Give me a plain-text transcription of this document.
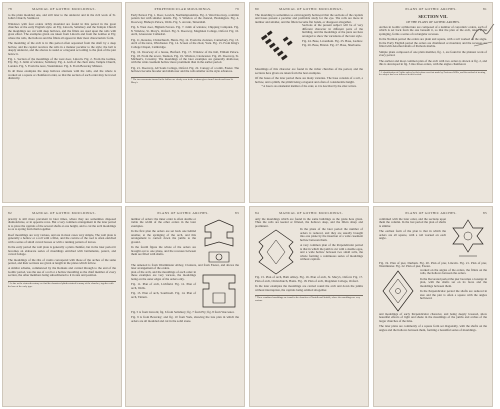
78	MANUAL OF GOTHIC MOULDINGS.

to the plain moulded one, and still later to the undercut and in the rich work of St. John's Church, Stamford.

Windows with four orders richly moulded are found in this period in the great churches of the early English style. At Ely, Lincoln, Salisbury and the Temple Church the mouldings are cut with deep hollows, and the fillets are used upon the rolls with great effect. The examples given are taken from Lincoln and from the Galilee at Ely, where the rolls, the hollows and the fillets all appear in their most characteristic form.

The moulding of the arch is in this period often separated from the shaft by a deep hollow, and the capital receives the rolls in a manner peculiar to the style; the bell is deeply undercut, and the abacus is round or octagonal according to the plan of the pier below it.

Fig. 1. Section of the mouldings of the west door, Lincoln. Fig. 2. From the Galilee, Ely. Fig. 3. Jamb of window, Salisbury. Fig. 4. Arch of the choir aisle, Temple Church, London. Fig. 5. From the nave, Westminster. Fig. 6. From Beverley Minster.

In all these examples the deep hollows alternate with the rolls, and the whole is worked on a square or chamfered order, so that the section of each order may be traced distinctly.

PERPENDICULAR MOULDINGS.	79

Early Period. Fig. 1. Door, Lowick, Northamptonshire. Fig. 2. West Doorway, a similar pattern but with smaller details. Fig. 3. Window of the chancel, Heckington. Fig. 4. Doorway, Bishop's Palace, Wells. Fig. 5. Arcade, Tattershall.

Fig. 6. West door, Higham Ferrers. Fig. 7. Jamb of window, Chipping Campden. Fig. 8. Window, St. Mary's, Oxford. Fig. 9. Doorway, Magdalen College, Oxford. Fig. 10. Arch, Gloucester Cathedral.

Fig. 11. Reredos, Christchurch, Hants. Fig. 12. From the cloisters, Canterbury. Fig. 13. Arch of the nave, Winchester. Fig. 14. Screen of the choir, York. Fig. 15. From King's College Chapel, Cambridge.

Fig. 16. Doorway of a house, Burford. Fig. 17. Window of the hall, Eltham Palace. Fig. 18. From the tower, Taunton. Fig. 19. Window, Cirencester. Fig. 20. Doorway, St. Michael's, Coventry. The mouldings of the later examples are generally shallower, with the wide casement hollow more prominent than in the earlier period.

Fig. 21. Doorway, All Souls College, Oxford. Fig. 22. Canopy of a tomb, Exeter. The hollows become broader and shallower and the rolls smaller as the style advances.

* The two casements formed in the hollow are clearly seen in the sections given from Lincoln and from St. Mary's.
80	MANUAL OF GOTHIC MOULDINGS.

The moulding is sometimes so extravagantly hollowed that the sections of the capitals and bases present a peculiar and profitable study for the eye. The rolls are more in number and smaller, and the fillets become flat bands, or disappear altogether.

Sections of the present subject will be of very different character in different parts of the building, and the mouldings of the piers are here arranged to show the variations of the later style.

Fig. 24. Base, Lavenham. Fig. 25. Base, Ludlow. Fig. 26. Base, Bristol. Fig. 27. Base, Sherborne.

Mouldings of this character are found in the richer churches of the period, and the sections here given are taken from the best examples.

Of the bases of the later period there are many varieties. The base consists of a roll, a hollow, and a plinth, the plinth being octagonal and often of considerable height.

* A base is an ornamental member of the order, as it is described by the older writers.
PLANS OF GOTHIC ARCHES.	81
SECTION VII.
OF THE PLANS OF GOTHIC ARCHES.

Arches in Gothic architecture are composed of a number of concentric orders, each of which is set back from the one beneath it, so that the plan of the arch, taken at the springing, forms a series of rectangular recesses.

In the Norman period the orders are plain and square, with a roll worked on the angle. In the Early English period the orders are chamfered or moulded, and the recesses are filled with detached shafts of Purbeck marble.

Simple plans composed of one plain member, fig. 1, are found in the plainest work of every period.

The earliest and most common plan of the arch with two orders is shown at fig. 2, and this is developed in fig. 3 into three orders, with the angles chamfered.

* A classification of Gothic arches by their plans was first made by Professor Willis, and his method of treating the subject has been followed in this section.
82	MANUAL OF GOTHIC MOULDINGS.

priority is still more prevalent in later times, where they are sometimes disposed diamondwise, or in opposite rows. But a very common arrangement in the later period is to place the capitals of the several shafts at one height, and to cut the arch mouldings so as to spring from them together.

Roof mouldings are very various, and are in most cases very simple. The wall plate is generally a hollow or a roll with a fillet, and the cornice of the roof is often enriched with a series of small carved bosses or with a running pattern of leaves.

In the early period the wall plate is generally a plain chamfer, but in the later period it becomes an elaborate series of mouldings enriched with battlements, pateræ, and carved foliage.

The mouldings of the ribs of vaults correspond with those of the arches of the same period, and their sections are given at length in the plates which follow.

A similar scheme, commenced by the Romans and carried through to the end of the Gothic period, was the use of a roll or a hollow moulding as the chief member of every section, the other members being subordinated to it in size and position.

* As late as the sixteenth century we find the chamfered plinth retained in many of the churches, together with the base of the early type.
PLANS OF GOTHIC ARCHES.	83

number of orders: the inner order is often double or treble the width of the other orders in the later examples.

In the first plan the orders are set back one behind another, at the springing of the arch, and this arrangement is carried down the jambs to the ground.

In the fourth figure the whole of the orders are brought out to one plane, and the recesses between them are filled with shafts.

The annexed is from Westminster Abbey, Cloisters, and from Exeter, and shows the later arrangement of the orders.

plan of the arch, and the mouldings of each order in these examples are very various, the mouldings being on the outer edges of the orders only.

Fig. 11. Plan of arch, Lichfield. Fig. 12. Plan of arch, Wells.

Fig. 13. Plan of arch, Southwell. Fig. 14. Plan of arch, Tintern.

Fig. 5 is from Lincoln; fig. 6 from Salisbury; fig. 7 from Ely; fig. 8 from Worcester.

Fig. 9 is from Beverley; and fig. 10 from York, showing the late plan in which the orders are all moulded and cut in the solid stone.

84	MANUAL OF GOTHIC MOULDINGS.

only the mouldings which are found in the same buildings as the plans here given. Thus the rolls are keeled or filleted, the hollows deep, and the fillets sharp and prominent.

In the plans of the later period the number of orders is reduced, and they are usually brought into one plane by the insertion of a wide casement hollow between them.

A very common plan of the Perpendicular period is that in which the jamb is cut with a double ogee, and a wide hollow between two small rolls, the whole forming a continuous series of mouldings without capitals.

Fig. 15. Plan of arch, Bath Abbey. Fig. 16. Plan of arch, St. Mary's, Oxford. Fig. 17. Plan of arch, Christchurch, Hants. Fig. 18. Plan of arch, Magdalen College, Oxford.

In the later examples the mouldings are carried round the arch and down the jambs without interruption, the capitals being omitted altogether.

* These combined mouldings are found in the churches of Norfolk and Suffolk, where the mouldings are very various.
PLANS OF GOTHIC ARCHES.	85

combined with the later order, and the sections upon them the column. In the last period the plan of shafts is similar.

The earliest form of the plan is that in which the orders are all square, with a roll worked on each angle.

Fig. 19. Plan of pier, Durham. Fig. 20. Plan of pier, Lincoln. Fig. 21. Plan of pier, Westminster. Fig. 22. Plan of pier, Exeter.

worked on the angles of the orders, the fillets on the rolls, the hollows between the orders.

In the Decorated period the pier becomes a lozenge in plan, with the shafts set on its faces and the mouldings between them.

In the Perpendicular period the shafts are reduced in size and the pier is often a square with the angles hollowed.

and mouldings of early Perpendicular character, and being deeply lowered, show beautiful effects of light and shade in the mouldings of the jambs and arches of the larger churches of the time.

The later plans are commonly of a square form set diagonally, with the shafts on the angles and the hollows between them, forming a beautiful series of mouldings.
